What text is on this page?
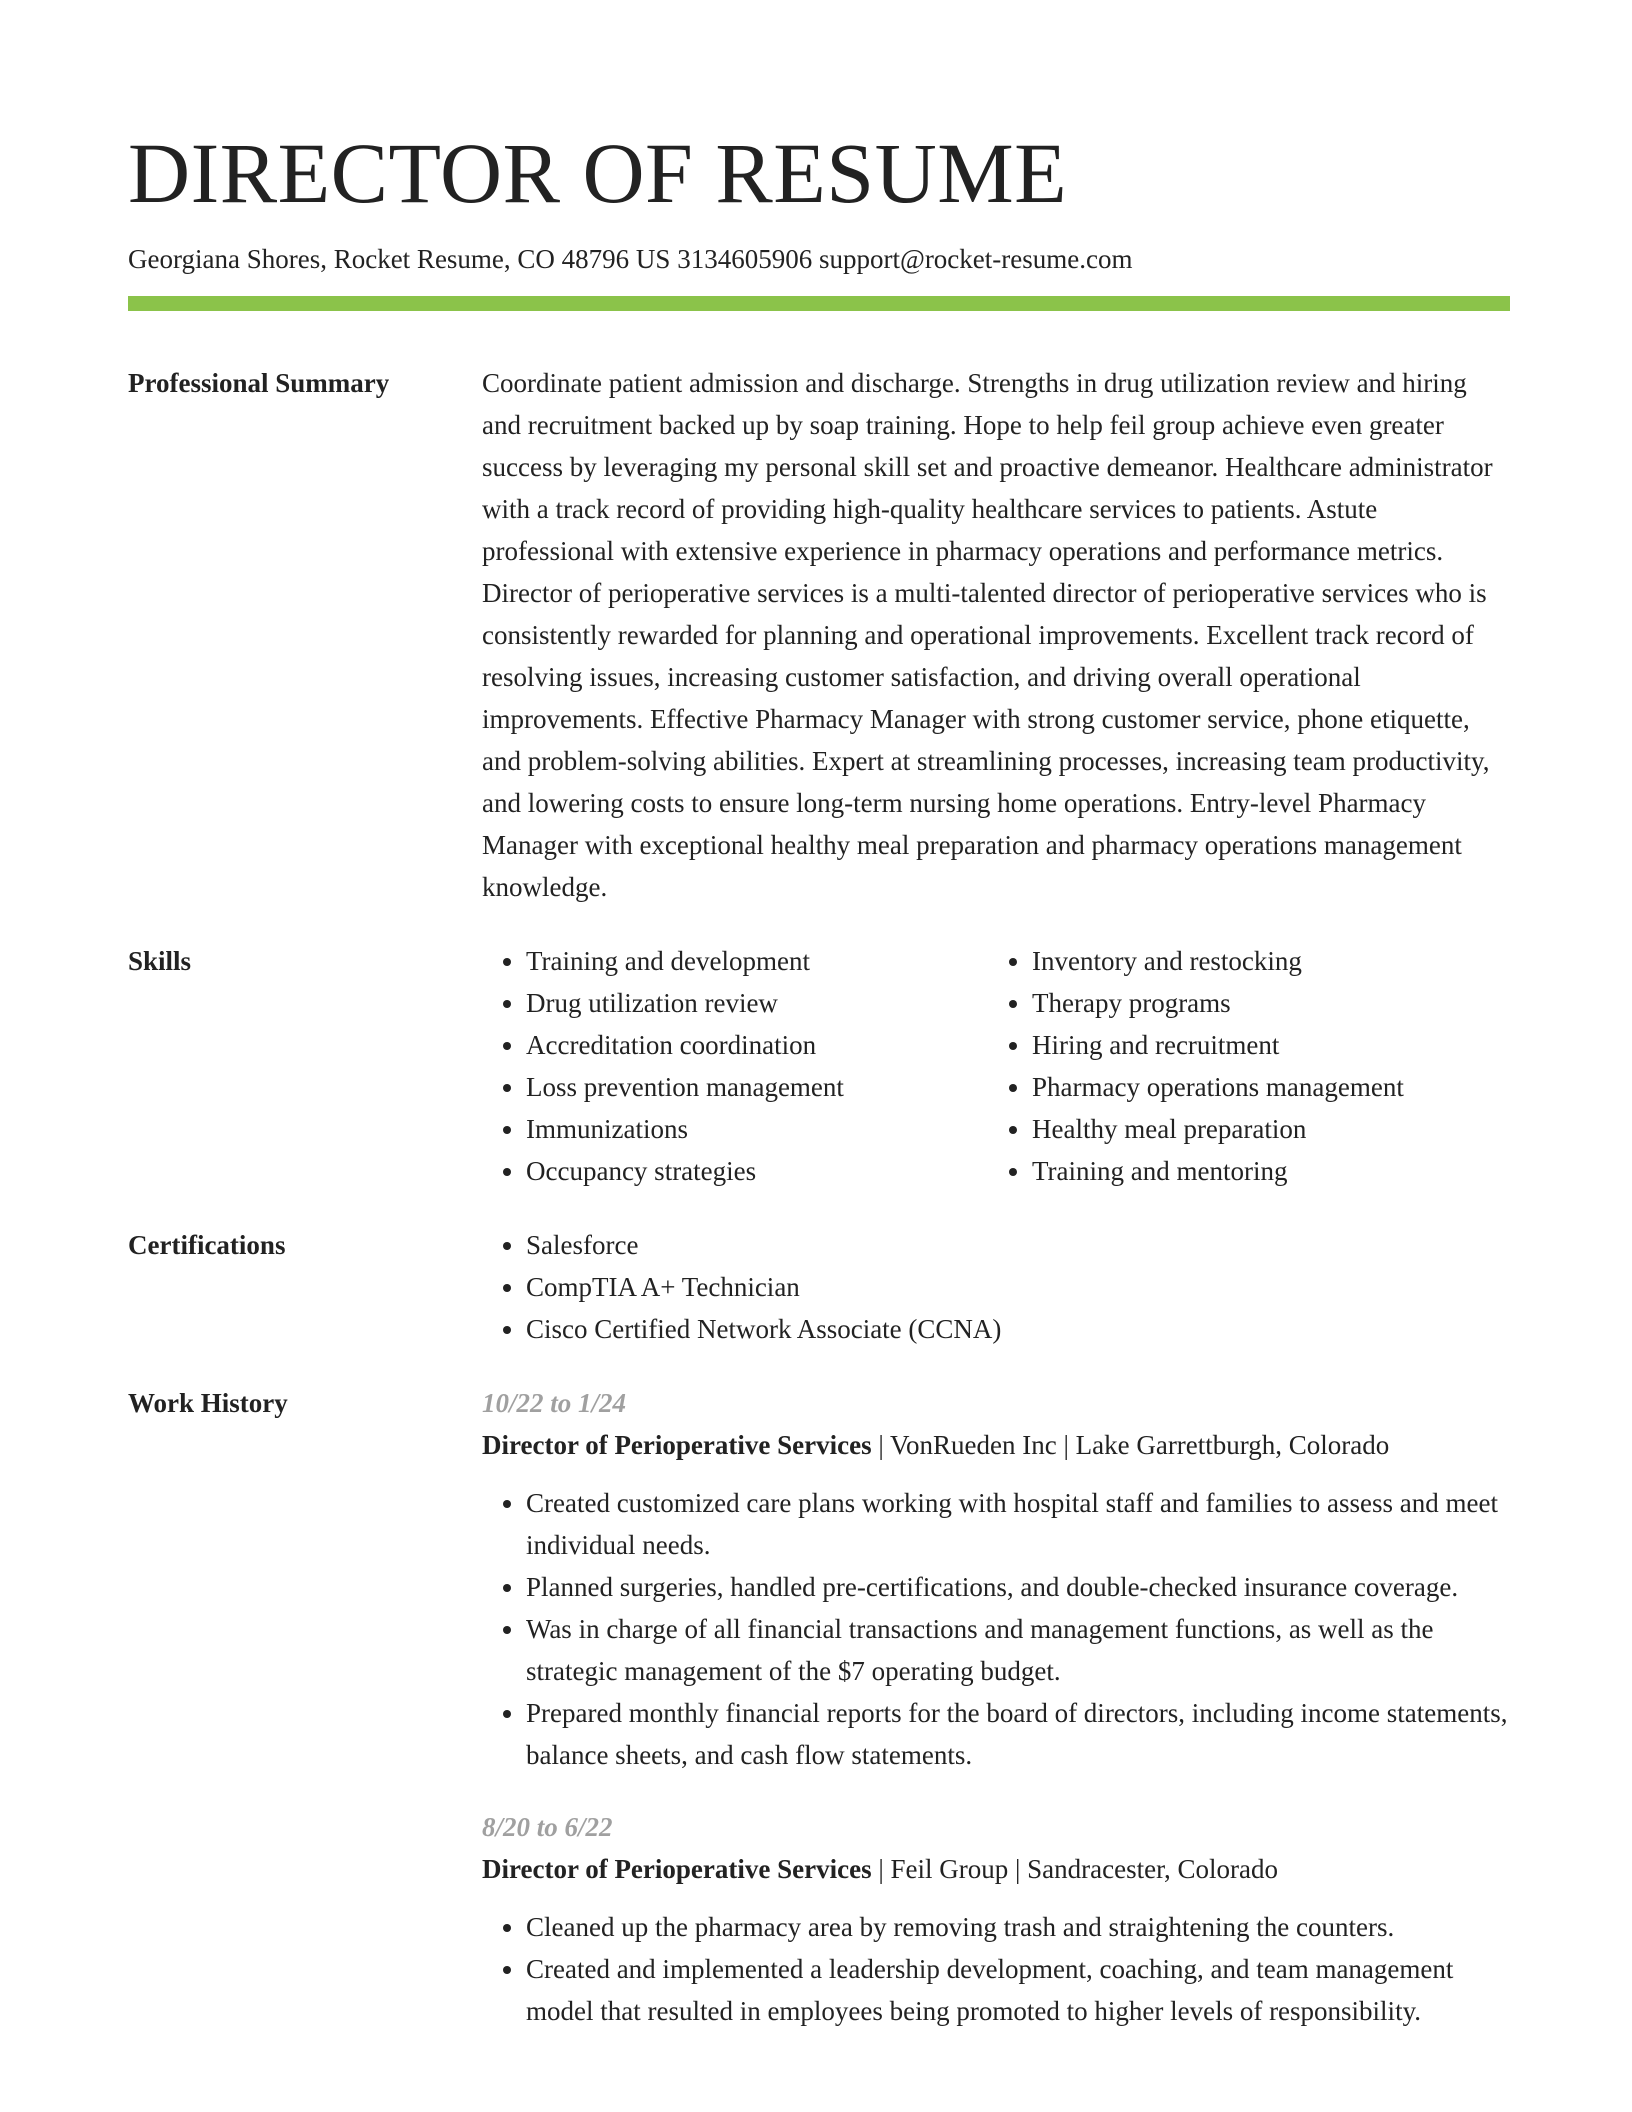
DIRECTOR OF RESUME
Georgiana Shores, Rocket Resume, CO 48796 US 3134605906 support@rocket-resume.com
Professional Summary	Coordinate patient admission and discharge. Strengths in drug utilization review and hiring and recruitment backed up by soap training. Hope to help feil group achieve even greater success by leveraging my personal skill set and proactive demeanor. Healthcare administrator with a track record of providing high-quality healthcare services to patients. Astute professional with extensive experience in pharmacy operations and performance metrics. Director of perioperative services is a multi-talented director of perioperative services who is consistently rewarded for planning and operational improvements. Excellent track record of resolving issues, increasing customer satisfaction, and driving overall operational improvements. Effective Pharmacy Manager with strong customer service, phone etiquette, and problem-solving abilities. Expert at streamlining processes, increasing team productivity, and lowering costs to ensure long-term nursing home operations. Entry-level Pharmacy Manager with exceptional healthy meal preparation and pharmacy operations management knowledge.

Skills	• Training and development
• Drug utilization review
• Accreditation coordination
• Loss prevention management
• Immunizations
• Occupancy strategies
• Inventory and restocking
• Therapy programs
• Hiring and recruitment
• Pharmacy operations management
• Healthy meal preparation
• Training and mentoring
Certifications	• Salesforce
• CompTIA A+ Technician
• Cisco Certified Network Associate (CCNA)
Work History	10/22 to 1/24
Director of Perioperative Services | VonRueden Inc | Lake Garrettburgh, Colorado
• Created customized care plans working with hospital staff and families to assess and meet individual needs.
• Planned surgeries, handled pre-certifications, and double-checked insurance coverage.
• Was in charge of all financial transactions and management functions, as well as the strategic management of the $7 operating budget.
• Prepared monthly financial reports for the board of directors, including income statements, balance sheets, and cash flow statements.
8/20 to 6/22
Director of Perioperative Services | Feil Group | Sandracester, Colorado
• Cleaned up the pharmacy area by removing trash and straightening the counters.
• Created and implemented a leadership development, coaching, and team management model that resulted in employees being promoted to higher levels of responsibility.
